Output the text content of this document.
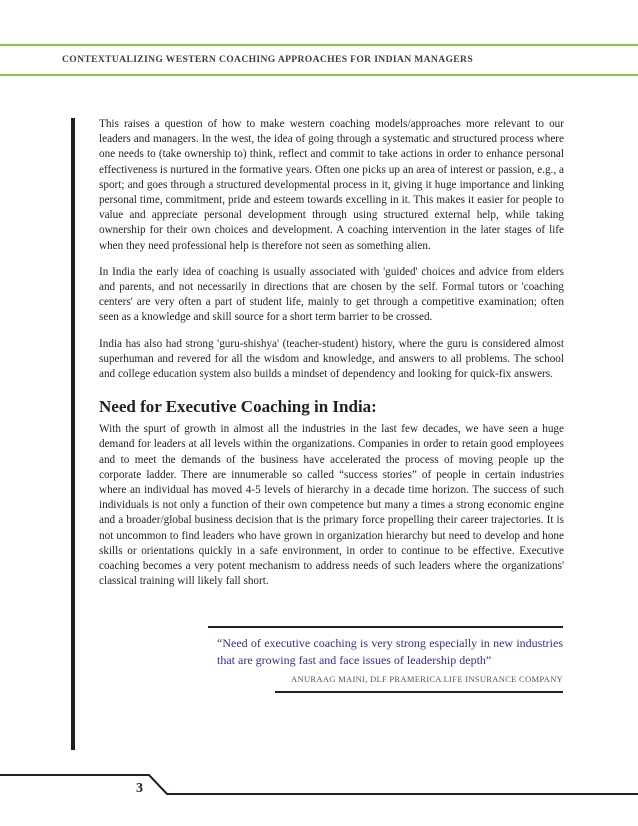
CONTEXTUALIZING WESTERN COACHING APPROACHES FOR INDIAN MANAGERS

This raises a question of how to make western coaching models/approaches more relevant to our leaders and managers. In the west, the idea of going through a systematic and structured process where one needs to (take ownership to) think, reflect and commit to take actions in order to enhance personal effectiveness is nurtured in the formative years. Often one picks up an area of interest or passion, e.g., a sport; and goes through a structured developmental process in it, giving it huge importance and linking personal time, commitment, pride and esteem towards excelling in it. This makes it easier for people to value and appreciate personal development through using structured external help, while taking ownership for their own choices and development. A coaching intervention in the later stages of life when they need professional help is therefore not seen as something alien.

In India the early idea of coaching is usually associated with 'guided' choices and advice from elders and parents, and not necessarily in directions that are chosen by the self. Formal tutors or 'coaching centers' are very often a part of student life, mainly to get through a competitive examination; often seen as a knowledge and skill source for a short term barrier to be crossed.

India has also had strong 'guru-shishya' (teacher-student) history, where the guru is considered almost superhuman and revered for all the wisdom and knowledge, and answers to all problems. The school and college education system also builds a mindset of dependency and looking for quick-fix answers.

Need for Executive Coaching in India:

With the spurt of growth in almost all the industries in the last few decades, we have seen a huge demand for leaders at all levels within the organizations. Companies in order to retain good employees and to meet the demands of the business have accelerated the process of moving people up the corporate ladder. There are innumerable so called “success stories” of people in certain industries where an individual has moved 4-5 levels of hierarchy in a decade time horizon. The success of such individuals is not only a function of their own competence but many a times a strong economic engine and a broader/global business decision that is the primary force propelling their career trajectories. It is not uncommon to find leaders who have grown in organization hierarchy but need to develop and hone skills or orientations quickly in a safe environment, in order to continue to be effective. Executive coaching becomes a very potent mechanism to address needs of such leaders where the organizations' classical training will likely fall short.

“Need of executive coaching is very strong especially in new industries that are growing fast and face issues of leadership depth”
ANURAAG MAINI, DLF PRAMERICA LIFE INSURANCE COMPANY
3
